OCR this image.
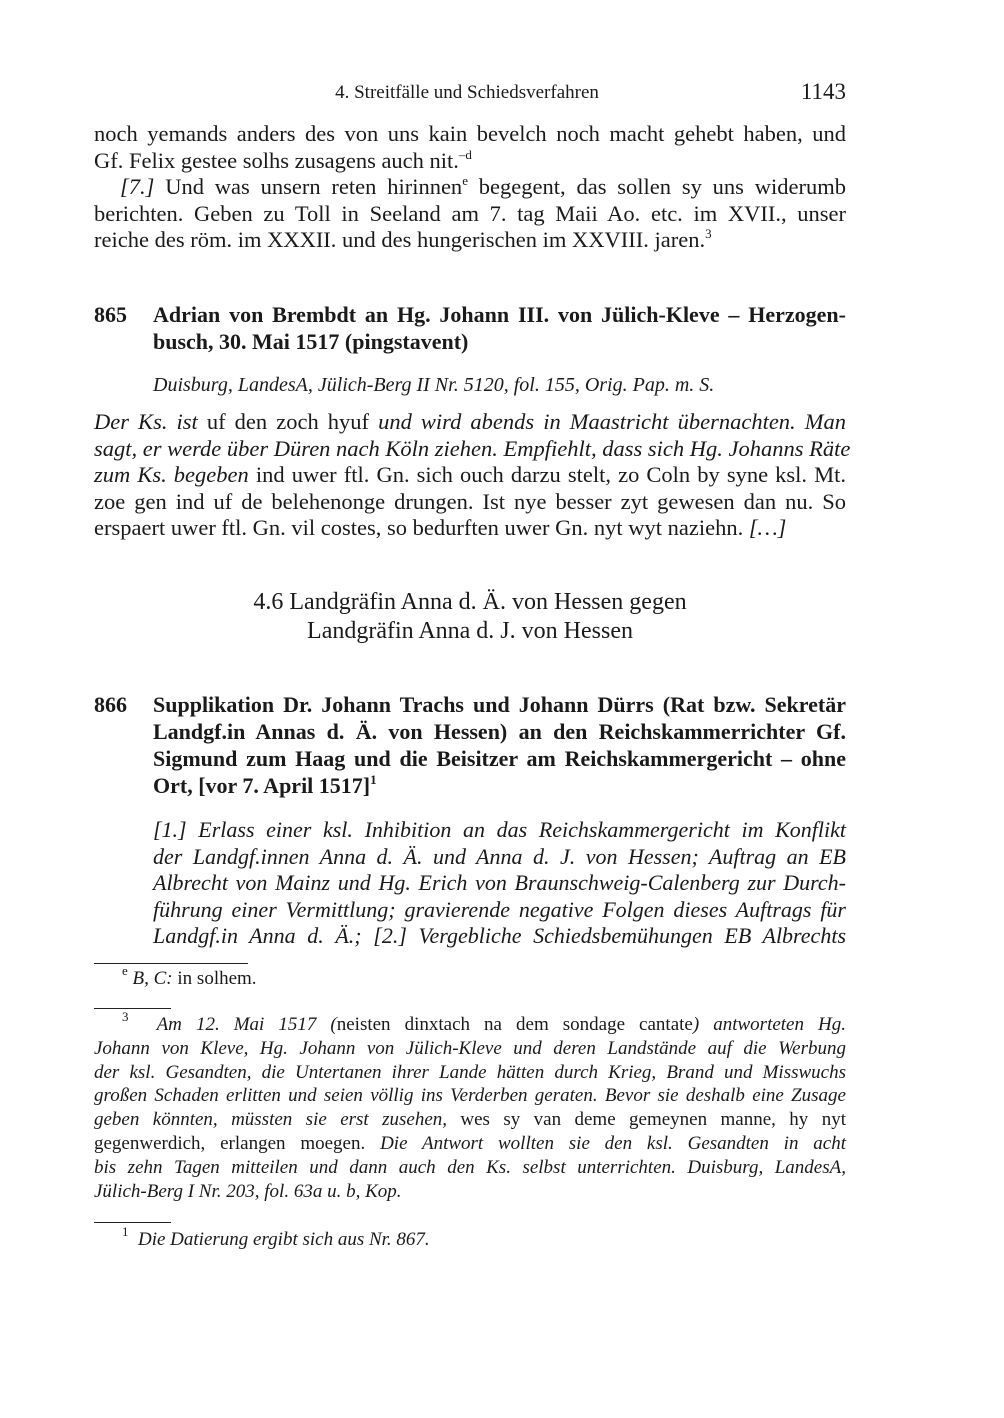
4. Streitfälle und Schiedsverfahren	1143
noch yemands anders des von uns kain bevelch noch macht gehebt haben, und
Gf. Felix gestee solhs zusagens auch nit.$^{-d}$
[7.] Und was unsern reten hirinnen$^e$ begegent, das sollen sy uns widerumb
berichten. Geben zu Toll in Seeland am 7. tag Maii Ao. etc. im XVII., unser
reiche des röm. im XXXII. und des hungerischen im XXVIII. jaren.$^3$
865 Adrian von Brembdt an Hg. Johann III. von Jülich-Kleve – Herzogen-
busch, 30. Mai 1517 (pingstavent)
Duisburg, LandesA, Jülich-Berg II Nr. 5120, fol. 155, Orig. Pap. m. S.
Der Ks. ist uf den zoch hyuf und wird abends in Maastricht übernachten. Man
sagt, er werde über Düren nach Köln ziehen. Empfiehlt, dass sich Hg. Johanns Räte
zum Ks. begeben ind uwer ftl. Gn. sich ouch darzu stelt, zo Coln by syne ksl. Mt.
zoe gen ind uf de belehenonge drungen. Ist nye besser zyt gewesen dan nu. So
erspaert uwer ftl. Gn. vil costes, so bedurften uwer Gn. nyt wyt naziehn. […]
4.6 Landgräfin Anna d. Ä. von Hessen gegen
Landgräfin Anna d. J. von Hessen
866 Supplikation Dr. Johann Trachs und Johann Dürrs (Rat bzw. Sekretär
Landgf.in Annas d. Ä. von Hessen) an den Reichskammerrichter Gf.
Sigmund zum Haag und die Beisitzer am Reichskammergericht – ohne
Ort, [vor 7. April 1517]$^1$
[1.] Erlass einer ksl. Inhibition an das Reichskammergericht im Konflikt
der Landgf.innen Anna d. Ä. und Anna d. J. von Hessen; Auftrag an EB
Albrecht von Mainz und Hg. Erich von Braunschweig-Calenberg zur Durch-
führung einer Vermittlung; gravierende negative Folgen dieses Auftrags für
Landgf.in Anna d. Ä.; [2.] Vergebliche Schiedsbemühungen EB Albrechts
$^e$ B, C: in solhem.
$^3$ Am 12. Mai 1517 (neisten dinxtach na dem sondage cantate) antworteten Hg.
Johann von Kleve, Hg. Johann von Jülich-Kleve und deren Landstände auf die Werbung
der ksl. Gesandten, die Untertanen ihrer Lande hätten durch Krieg, Brand und Misswuchs
großen Schaden erlitten und seien völlig ins Verderben geraten. Bevor sie deshalb eine Zusage
geben könnten, müssten sie erst zusehen, wes sy van deme gemeynen manne, hy nyt
gegenwerdich, erlangen moegen. Die Antwort wollten sie den ksl. Gesandten in acht
bis zehn Tagen mitteilen und dann auch den Ks. selbst unterrichten. Duisburg, LandesA,
Jülich-Berg I Nr. 203, fol. 63a u. b, Kop.
$^1$ Die Datierung ergibt sich aus Nr. 867.
